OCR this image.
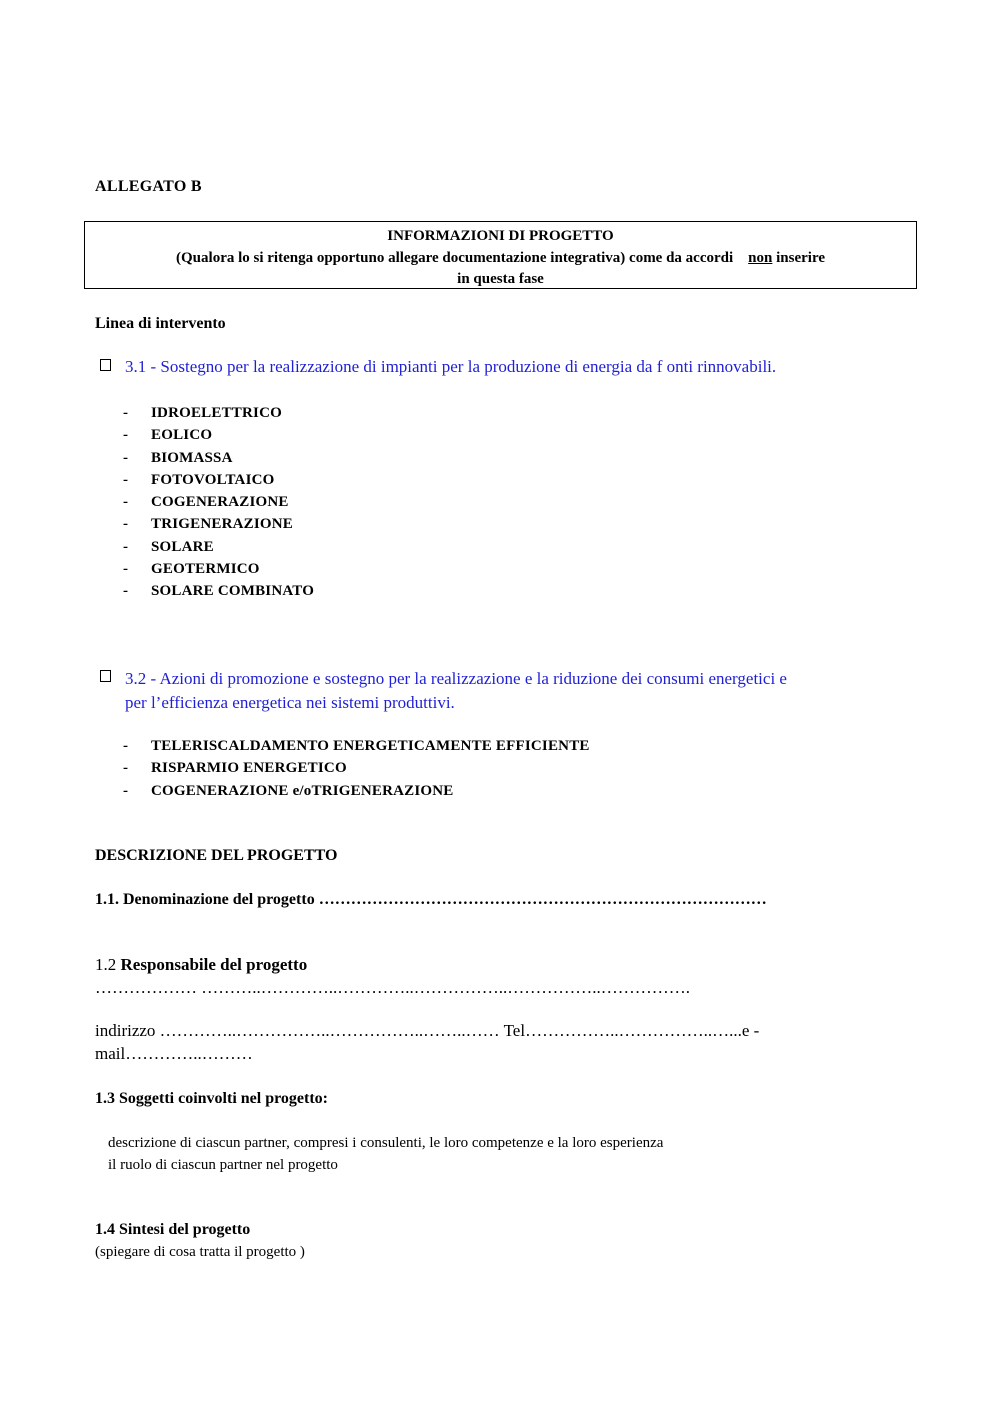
ALLEGATO B
INFORMAZIONI DI PROGETTO
(Qualora lo si ritenga opportuno allegare documentazione integrativa) come da accordi non inserire
in questa fase
Linea di intervento
3.1 - Sostegno per la realizzazione di impianti per la produzione di energia da f onti rinnovabili.
- IDROELETTRICO
- EOLICO
- BIOMASSA
- FOTOVOLTAICO
- COGENERAZIONE
- TRIGENERAZIONE
- SOLARE
- GEOTERMICO
- SOLARE COMBINATO
3.2 - Azioni di promozione e sostegno per la realizzazione e la riduzione dei consumi energetici e
per l’efficienza energetica nei sistemi produttivi.
- TELERISCALDAMENTO ENERGETICAMENTE EFFICIENTE
- RISPARMIO ENERGETICO
- COGENERAZIONE e/oTRIGENERAZIONE
DESCRIZIONE DEL PROGETTO
1.1. Denominazione del progetto …………………………………………………………………………
1.2 Responsabile del progetto
……………… ………..…………..…………..……………..……………..…………….
indirizzo …………..……………..……………..……..…… Tel……………..……………..…...e -
mail…………..………
1.3 Soggetti coinvolti nel progetto:
descrizione di ciascun partner, compresi i consulenti, le loro competenze e la loro esperienza
il ruolo di ciascun partner nel progetto
1.4 Sintesi del progetto
(spiegare di cosa tratta il progetto )
